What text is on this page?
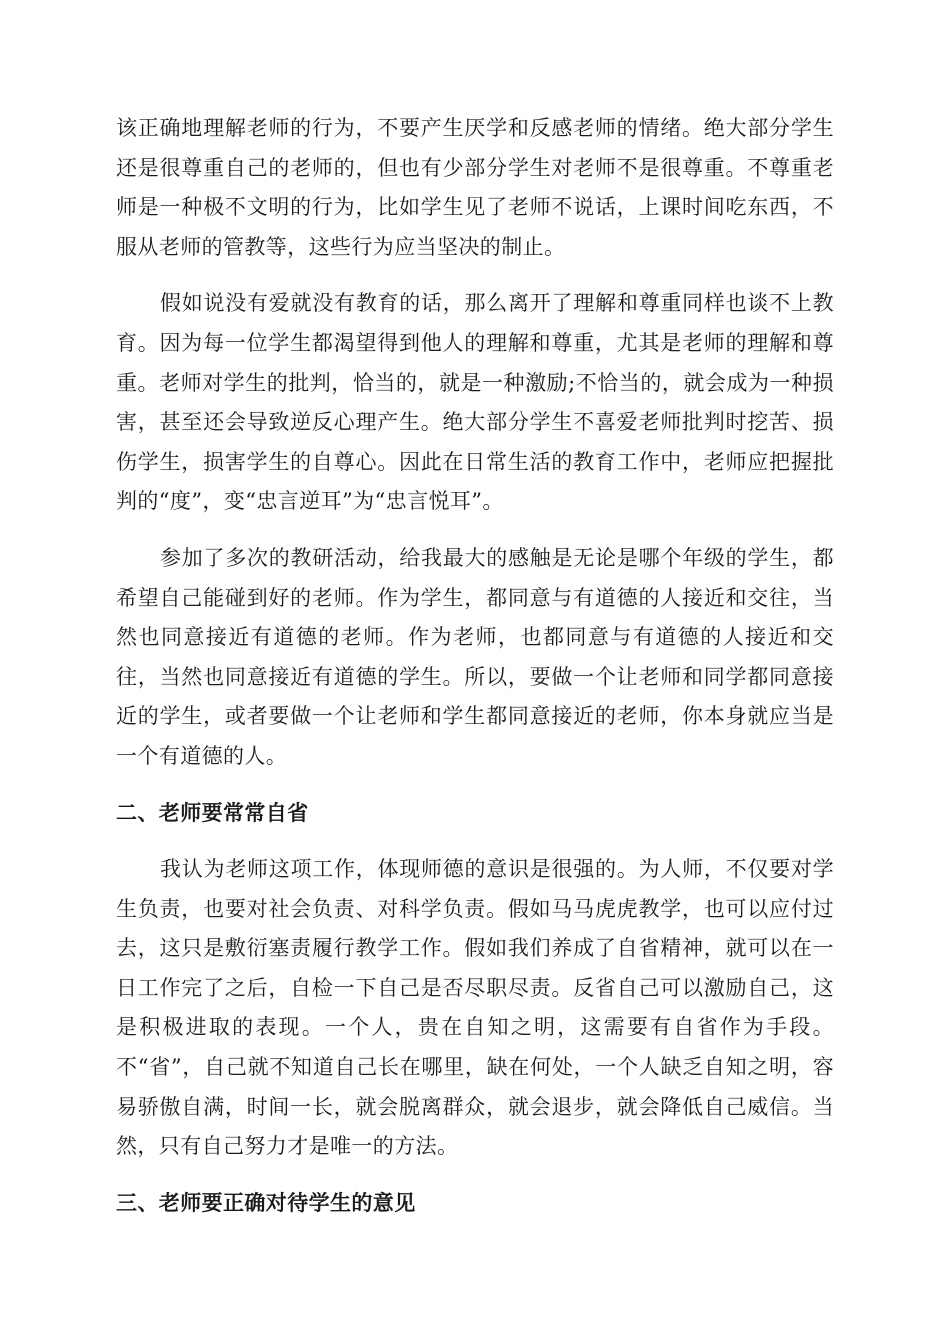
该正确地理解老师的行为，不要产生厌学和反感老师的情绪。绝大部分学生还是很尊重自己的老师的，但也有少部分学生对老师不是很尊重。不尊重老师是一种极不文明的行为，比如学生见了老师不说话，上课时间吃东西，不服从老师的管教等，这些行为应当坚决的制止。

假如说没有爱就没有教育的话，那么离开了理解和尊重同样也谈不上教育。因为每一位学生都渴望得到他人的理解和尊重，尤其是老师的理解和尊重。老师对学生的批判，恰当的，就是一种激励;不恰当的，就会成为一种损害，甚至还会导致逆反心理产生。绝大部分学生不喜爱老师批判时挖苦、损伤学生，损害学生的自尊心。因此在日常生活的教育工作中，老师应把握批判的“度”，变“忠言逆耳”为“忠言悦耳”。

参加了多次的教研活动，给我最大的感触是无论是哪个年级的学生，都希望自己能碰到好的老师。作为学生，都同意与有道德的人接近和交往，当然也同意接近有道德的老师。作为老师，也都同意与有道德的人接近和交往，当然也同意接近有道德的学生。所以，要做一个让老师和同学都同意接近的学生，或者要做一个让老师和学生都同意接近的老师，你本身就应当是一个有道德的人。

二、老师要常常自省

我认为老师这项工作，体现师德的意识是很强的。为人师，不仅要对学生负责，也要对社会负责、对科学负责。假如马马虎虎教学，也可以应付过去，这只是敷衍塞责履行教学工作。假如我们养成了自省精神，就可以在一日工作完了之后，自检一下自己是否尽职尽责。反省自己可以激励自己，这是积极进取的表现。一个人，贵在自知之明，这需要有自省作为手段。不“省”，自己就不知道自己长在哪里，缺在何处，一个人缺乏自知之明，容易骄傲自满，时间一长，就会脱离群众，就会退步，就会降低自己威信。当然，只有自己努力才是唯一的方法。

三、老师要正确对待学生的意见
